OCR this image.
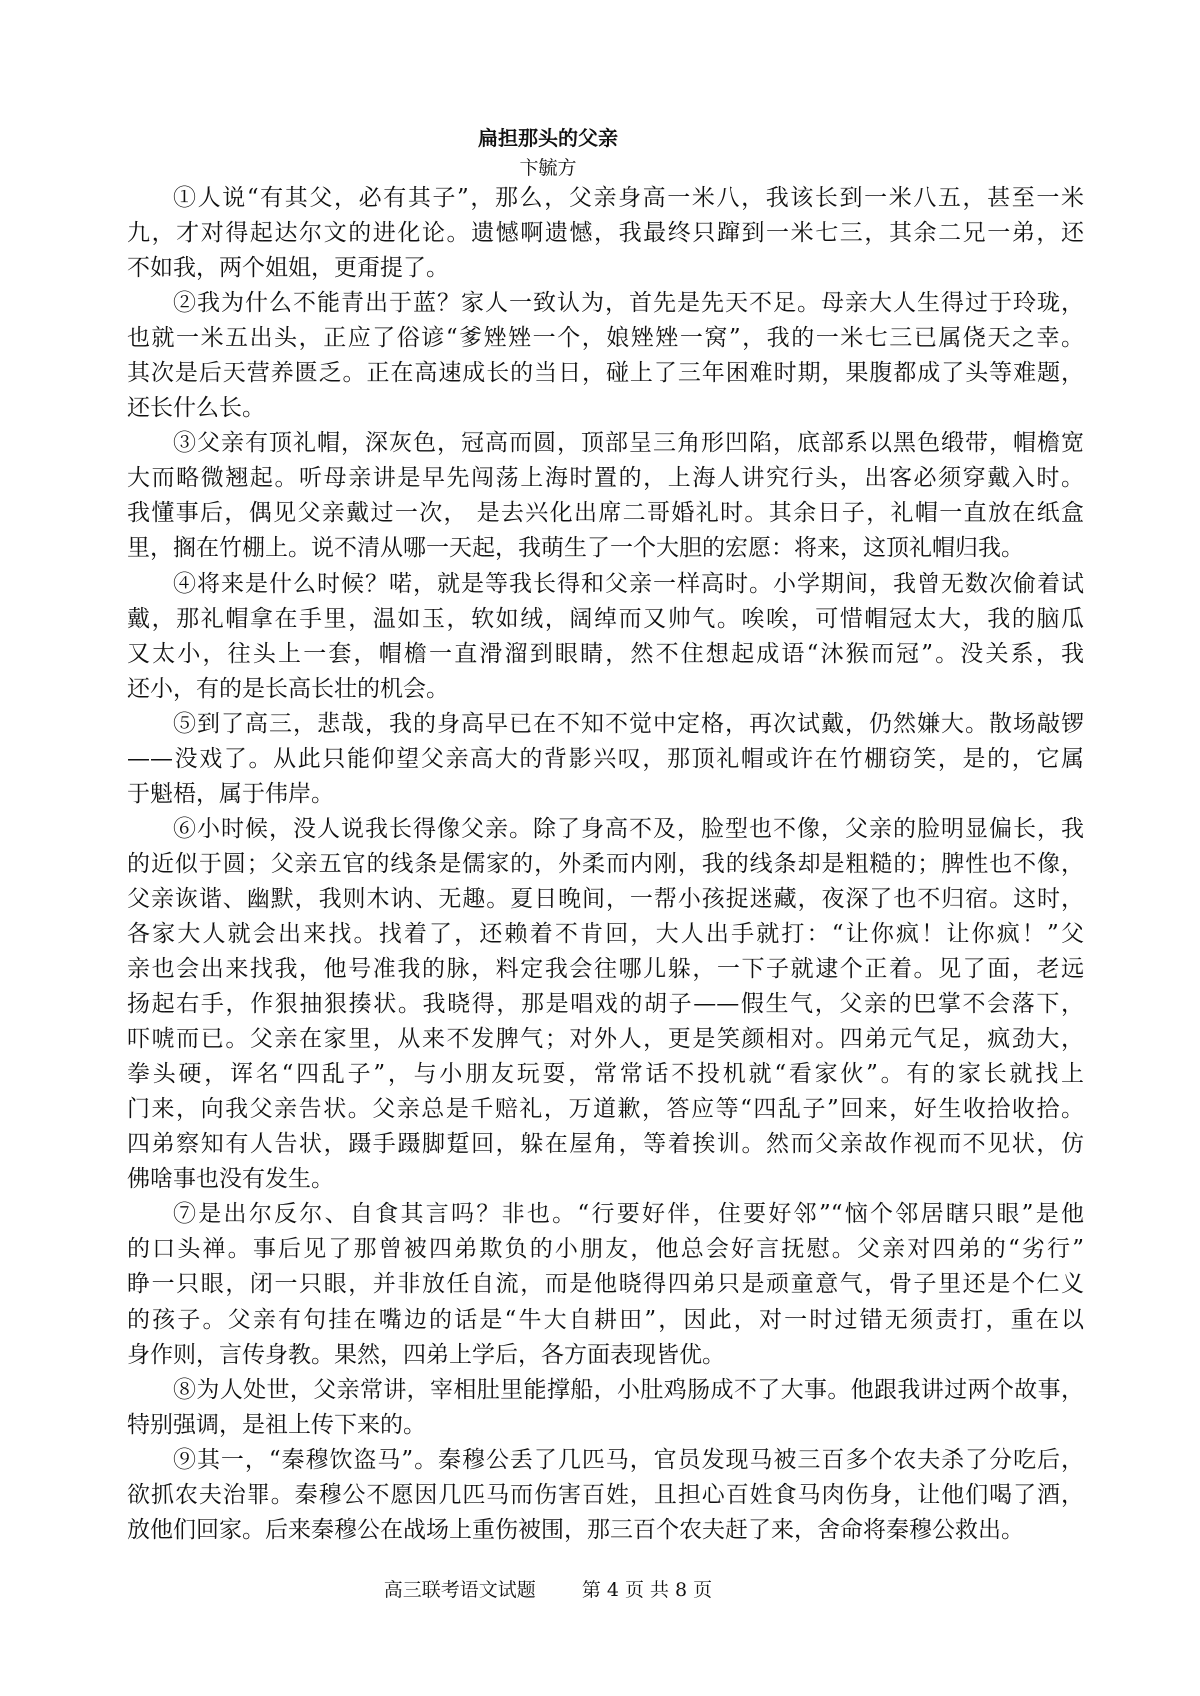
扁担那头的父亲
卞毓方
①人说“有其父，必有其子”，那么，父亲身高一米八，我该长到一米八五，甚至一米
九，才对得起达尔文的进化论。遗憾啊遗憾，我最终只蹿到一米七三，其余二兄一弟，还
不如我，两个姐姐，更甭提了。
②我为什么不能青出于蓝？家人一致认为，首先是先天不足。母亲大人生得过于玲珑，
也就一米五出头，正应了俗谚“爹矬矬一个，娘矬矬一窝”，我的一米七三已属侥天之幸。
其次是后天营养匮乏。正在高速成长的当日，碰上了三年困难时期，果腹都成了头等难题，
还长什么长。
③父亲有顶礼帽，深灰色，冠高而圆，顶部呈三角形凹陷，底部系以黑色缎带，帽檐宽
大而略微翘起。听母亲讲是早先闯荡上海时置的，上海人讲究行头，出客必须穿戴入时。
我懂事后，偶见父亲戴过一次， 是去兴化出席二哥婚礼时。其余日子，礼帽一直放在纸盒
里，搁在竹棚上。说不清从哪一天起，我萌生了一个大胆的宏愿：将来，这顶礼帽归我。
④将来是什么时候？喏，就是等我长得和父亲一样高时。小学期间，我曾无数次偷着试
戴，那礼帽拿在手里，温如玉，软如绒，阔绰而又帅气。唉唉，可惜帽冠太大，我的脑瓜
又太小，往头上一套，帽檐一直滑溜到眼睛，然不住想起成语“沐猴而冠”。没关系，我
还小，有的是长高长壮的机会。
⑤到了高三，悲哉，我的身高早已在不知不觉中定格，再次试戴，仍然嫌大。散场敲锣
——没戏了。从此只能仰望父亲高大的背影兴叹，那顶礼帽或许在竹棚窃笑，是的，它属
于魁梧，属于伟岸。
⑥小时候，没人说我长得像父亲。除了身高不及，脸型也不像，父亲的脸明显偏长，我
的近似于圆；父亲五官的线条是儒家的，外柔而内刚，我的线条却是粗糙的；脾性也不像，
父亲诙谐、幽默，我则木讷、无趣。夏日晚间，一帮小孩捉迷藏，夜深了也不归宿。这时，
各家大人就会出来找。找着了，还赖着不肯回，大人出手就打：“让你疯！让你疯！”父
亲也会出来找我，他号准我的脉，料定我会往哪儿躲，一下子就逮个正着。见了面，老远
扬起右手，作狠抽狠揍状。我晓得，那是唱戏的胡子——假生气，父亲的巴掌不会落下，
吓唬而已。父亲在家里，从来不发脾气；对外人，更是笑颜相对。四弟元气足，疯劲大，
拳头硬，诨名“四乱子”，与小朋友玩耍，常常话不投机就“看家伙”。有的家长就找上
门来，向我父亲告状。父亲总是千赔礼，万道歉，答应等“四乱子”回来，好生收拾收拾。
四弟察知有人告状，蹑手蹑脚踅回，躲在屋角，等着挨训。然而父亲故作视而不见状，仿
佛啥事也没有发生。
⑦是出尔反尔、自食其言吗？非也。“行要好伴，住要好邻”“恼个邻居瞎只眼”是他
的口头禅。事后见了那曾被四弟欺负的小朋友，他总会好言抚慰。父亲对四弟的“劣行”
睁一只眼，闭一只眼，并非放任自流，而是他晓得四弟只是顽童意气，骨子里还是个仁义
的孩子。父亲有句挂在嘴边的话是“牛大自耕田”，因此，对一时过错无须责打，重在以
身作则，言传身教。果然，四弟上学后，各方面表现皆优。
⑧为人处世，父亲常讲，宰相肚里能撑船，小肚鸡肠成不了大事。他跟我讲过两个故事，
特别强调，是祖上传下来的。
⑨其一，“秦穆饮盗马”。秦穆公丢了几匹马，官员发现马被三百多个农夫杀了分吃后，
欲抓农夫治罪。秦穆公不愿因几匹马而伤害百姓，且担心百姓食马肉伤身，让他们喝了酒，
放他们回家。后来秦穆公在战场上重伤被围，那三百个农夫赶了来，舍命将秦穆公救出。
高三联考语文试题 第 4 页 共 8 页
